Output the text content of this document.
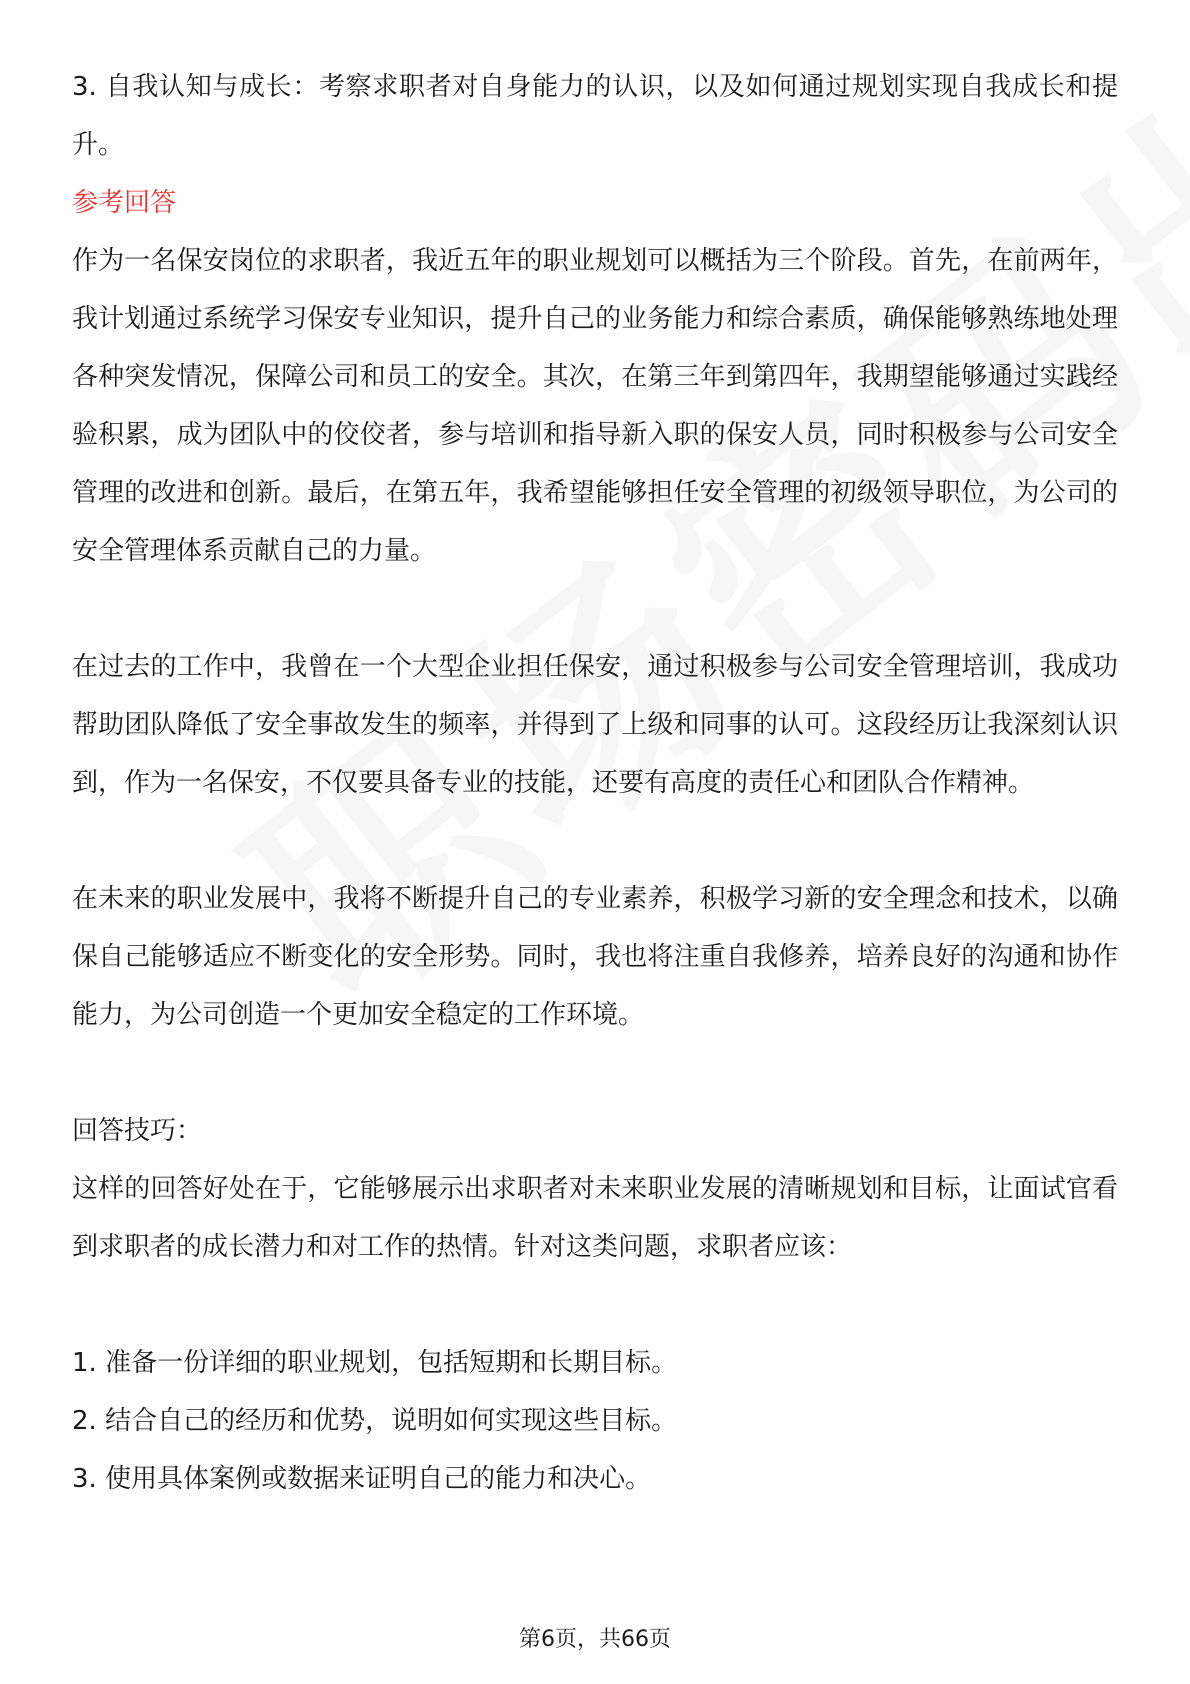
3. 自我认知与成长：考察求职者对自身能力的认识，以及如何通过规划实现自我成长和提升。

参考回答

作为一名保安岗位的求职者，我近五年的职业规划可以概括为三个阶段。首先，在前两年，我计划通过系统学习保安专业知识，提升自己的业务能力和综合素质，确保能够熟练地处理各种突发情况，保障公司和员工的安全。其次，在第三年到第四年，我期望能够通过实践经验积累，成为团队中的佼佼者，参与培训和指导新入职的保安人员，同时积极参与公司安全管理的改进和创新。最后，在第五年，我希望能够担任安全管理的初级领导职位，为公司的安全管理体系贡献自己的力量。

在过去的工作中，我曾在一个大型企业担任保安，通过积极参与公司安全管理培训，我成功帮助团队降低了安全事故发生的频率，并得到了上级和同事的认可。这段经历让我深刻认识到，作为一名保安，不仅要具备专业的技能，还要有高度的责任心和团队合作精神。

在未来的职业发展中，我将不断提升自己的专业素养，积极学习新的安全理念和技术，以确保自己能够适应不断变化的安全形势。同时，我也将注重自我修养，培养良好的沟通和协作能力，为公司创造一个更加安全稳定的工作环境。

回答技巧：

这样的回答好处在于，它能够展示出求职者对未来职业发展的清晰规划和目标，让面试官看到求职者的成长潜力和对工作的热情。针对这类问题，求职者应该：

1. 准备一份详细的职业规划，包括短期和长期目标。

2. 结合自己的经历和优势，说明如何实现这些目标。

3. 使用具体案例或数据来证明自己的能力和决心。

第6页，共66页
